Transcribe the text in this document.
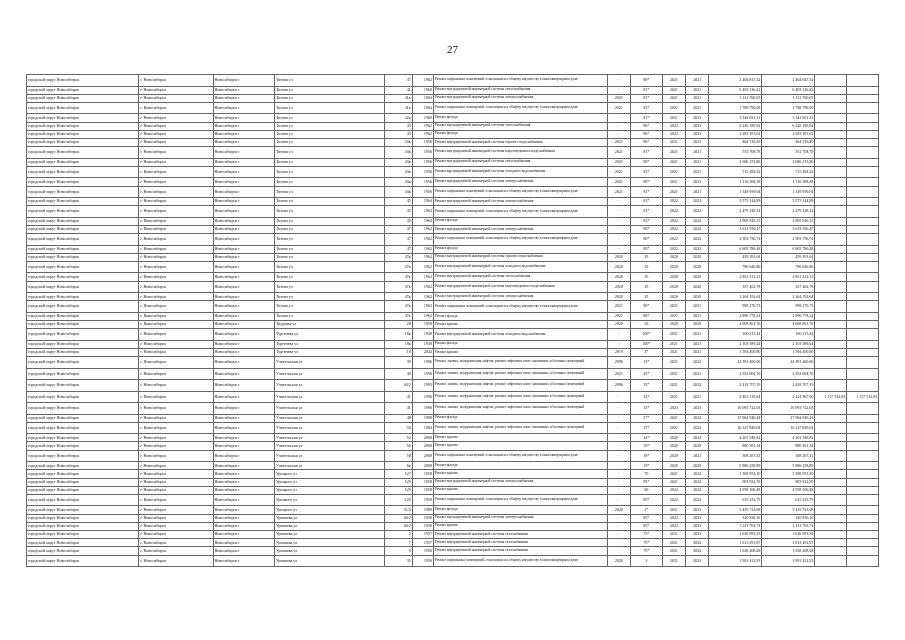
27
городской округ Новосибирск	г. Новосибирск	Новосибирск г	Титова ул	37	1962	Ремонт подвальных помещений, относящихся к общему имуществу в многоквартирном доме	-	80*	2021	2021	2 464 847,32	2 464 847,32		
городской округ Новосибирск	г. Новосибирск	Новосибирск г	Титова ул	41	1960	Ремонт внутридомовой инженерной системы теплоснабжения	-	81*	2021	2021	6 403 126,22	6 403 126,22		
городской округ Новосибирск	г. Новосибирск	Новосибирск г	Титова ул	41к	1964	Ремонт внутридомовой инженерной системы электроснабжения	2021	81*	2021	2021	1 121 760,65	1 121 760,65		
городской округ Новосибирск	г. Новосибирск	Новосибирск г	Титова ул	41к	1964	Ремонт подвальных помещений, относящихся к общему имуществу в многоквартирном доме	2021	81*	2021	2021	1 788 796,09	1 788 796,09		
городской округ Новосибирск	г. Новосибирск	Новосибирск г	Титова ул	42к	1960	Ремонт фасада	-	81*	2021	2021	3 342 651,31	3 342 651,31		
городской округ Новосибирск	г. Новосибирск	Новосибирск г	Титова ул	43	1962	Ремонт внутридомовой инженерной системы теплоснабжения	-	86*	2022	2022	6 226 189,92	6 226 189,92		
городской округ Новосибирск	г. Новосибирск	Новосибирск г	Титова ул	43	1962	Ремонт фасада	-	86*	2022	2022	2 283 391,62	2 283 391,62		
городской округ Новосибирск	г. Новосибирск	Новосибирск г	Титова ул	43к	1956	Ремонт внутридомовой инженерной системы горячего водоснабжения	2021	86*	2021	2021	464 516,49	464 516,49		
городской округ Новосибирск	г. Новосибирск	Новосибирск г	Титова ул	43к	1956	Ремонт внутридомовой инженерной системы водоотведения и водоснабжения	2021	81*	2021	2021	551 708,78	551 708,78		
городской округ Новосибирск	г. Новосибирск	Новосибирск г	Титова ул	43к	1956	Ремонт внутридомовой инженерной системы теплоснабжения	2021	80*	2021	2021	2 686 153,86	2 686 153,86		
городской округ Новосибирск	г. Новосибирск	Новосибирск г	Титова ул	43к	1956	Ремонт внутридомовой инженерной системы холодного водоснабжения	2021	81*	2021	2021	715 494,32	715 494,32		
городской округ Новосибирск	г. Новосибирск	Новосибирск г	Титова ул	43к	1956	Ремонт внутридомовой инженерной системы электроснабжения	2021	80*	2021	2021	1 116 508,38	1 116 508,38		
городской округ Новосибирск	г. Новосибирск	Новосибирск г	Титова ул	43к	1956	Ремонт подвальных помещений, относящихся к общему имуществу в многоквартирном доме	2021	81*	2021	2021	1 349 959,04	1 349 959,04		
городской округ Новосибирск	г. Новосибирск	Новосибирск г	Титова ул	45	1964	Ремонт внутридомовой инженерной системы электроснабжения	-	81*	2022	2022	3 575 144,89	3 575 144,89		
городской округ Новосибирск	г. Новосибирск	Новосибирск г	Титова ул	45	1964	Ремонт подвальных помещений, относящихся к общему имуществу в многоквартирном доме	-	81*	2022	2022	2 479 128,14	2 479 128,14		
городской округ Новосибирск	г. Новосибирск	Новосибирск г	Титова ул	45	1964	Ремонт фасада	-	81*	2022	2022	2 905 926,15	2 905 926,15		
городской округ Новосибирск	г. Новосибирск	Новосибирск г	Титова ул	47	1962	Ремонт внутридомовой инженерной системы электроснабжения	-	80*	2022	2022	3 613 556,47	3 613 556,47		
городской округ Новосибирск	г. Новосибирск	Новосибирск г	Титова ул	47	1962	Ремонт подвальных помещений, относящихся к общему имуществу в многоквартирном доме	-	80*	2022	2022	2 503 756,74	2 503 756,74		
городской округ Новосибирск	г. Новосибирск	Новосибирск г	Титова ул	47	1962	Ремонт фасада	-	80*	2022	2022	6 605 786,48	6 605 786,48		
городской округ Новосибирск	г. Новосибирск	Новосибирск г	Титова ул	47к	1962	Ремонт внутридомовой инженерной системы горячего водоснабжения	2020	35	2020	2020	459 391,64	459 391,64		
городской округ Новосибирск	г. Новосибирск	Новосибирск г	Титова ул	47к	1962	Ремонт внутридомовой инженерной системы холодного водоснабжения	2020	35	2020	2020	786 646,86	786 646,86		
городской округ Новосибирск	г. Новосибирск	Новосибирск г	Титова ул	47к	1962	Ремонт внутридомовой инженерной системы теплоснабжения	2020	35	2020	2020	2 851 312,13	2 851 312,13		
городской округ Новосибирск	г. Новосибирск	Новосибирск г	Титова ул	47к	1962	Ремонт внутридомовой инженерной системы водоотведения и водоснабжения	2020	35	2020	2020	357 462,78	357 462,78		
городской округ Новосибирск	г. Новосибирск	Новосибирск г	Титова ул	47к	1962	Ремонт внутридомовой инженерной системы электроснабжения	2020	35	2020	2020	1 264 192,64	1 264 192,64		
городской округ Новосибирск	г. Новосибирск	Новосибирск г	Титова ул	47к	1962	Ремонт подвальных помещений, относящихся к общему имуществу в многоквартирном доме	2021	80*	2021	2021	998 270,73	998 270,73		
городской округ Новосибирск	г. Новосибирск	Новосибирск г	Титова ул	47к	1962	Ремонт фасада	2021	80*	2021	2021	2 896 778,24	2 896 778,24		
городской округ Новосибирск	г. Новосибирск	Новосибирск г	Трудовая ул	28	1958	Ремонт крыши	2020	56	2020	2020	4 608 861,76	4 608 861,76		
городской округ Новосибирск	г. Новосибирск	Новосибирск г	Тургенева ул	18к	1948	Ремонт внутридомовой инженерной системы холодного водоснабжения	-	100*	2021	2021	160 215,44	160 215,44		
городской округ Новосибирск	г. Новосибирск	Новосибирск г	Тургенева ул	18к	1948	Ремонт фасада	-	100*	2021	2021	2 103 589,24	2 103 589,24		
городской округ Новосибирск	г. Новосибирск	Новосибирск г	Тургенева ул	18	2044	Ремонт крыши	2019	4*	2021	2021	1 594 400,80	1 594 400,80		
городской округ Новосибирск	г. Новосибирск	Новосибирск г	Учительская ул	39	1996	Ремонт, замена, модернизация лифтов, ремонт лифтовых шахт, машинных и блочных помещений	2996	33*	2021	2022	24 391 460,06	24 391 460,06		
городской округ Новосибирск	г. Новосибирск	Новосибирск г	Учительская ул	40	1996	Ремонт, замена, модернизация лифтов, ремонт лифтовых шахт, машинных и блочных помещений	2021	25*	2021	2021	2 554 604,76	2 554 604,76		
городской округ Новосибирск	г. Новосибирск	Новосибирск г	Учительская ул	40/2	1995	Ремонт, замена, модернизация лифтов, ремонт лифтовых шахт, машинных и блочных помещений	2996	35*	2021	2022	2 418 707,19	2 418 707,19		
городской округ Новосибирск	г. Новосибирск	Новосибирск г	Учительская ул	41	1996	Ремонт, замена, модернизация лифтов, ремонт лифтовых шахт, машинных и блочных помещений	-	32*	2021	2021	4 461 135,64	2 224 967,00	1 117 132,94	1 117 132,94
городской округ Новосибирск	г. Новосибирск	Новосибирск г	Учительская ул	41	1996	Ремонт, замена, модернизация лифтов, ремонт лифтовых шахт, машинных и блочных помещений	-	35*	2023	2023	10 091 722,03	10 091 722,03		
городской округ Новосибирск	г. Новосибирск	Новосибирск г	Учительская ул	48	1990	Ремонт фасада	-	57*	2021	2022	27 964 940,44	27 964 940,44		
городской округ Новосибирск	г. Новосибирск	Новосибирск г	Учительская ул	50	1984	Ремонт, замена, модернизация лифтов, ремонт лифтовых шахт, машинных и блочных помещений	-	37*	2021	2022	16 127 849,04	16 127 849,04		
городской округ Новосибирск	г. Новосибирск	Новосибирск г	Учительская ул	52	2000	Ремонт крыши	-	24*	2020	2024	4 201 548,82	4 201 548,82		
городской округ Новосибирск	г. Новосибирск	Новосибирск г	Учительская ул	56	2000	Ремонт крыши	-	19*	2020	2020	880 391,34	880 391,34		
городской округ Новосибирск	г. Новосибирск	Новосибирск г	Учительская ул	58	2000	Ремонт подвальных помещений, относящихся к общему имуществу в многоквартирном доме	-	18*	2020	2021	308 267,41	308 267,41		
городской округ Новосибирск	г. Новосибирск	Новосибирск г	Учительская ул	6к	2000	Ремонт фасада	-	19*	2020	2020	5 886 258,89	5 886 258,89		
городской округ Новосибирск	г. Новосибирск	Новосибирск г	Урицкого ул	127	1958	Ремонт крыши	-	70	2021	2022	3 308 953,10	3 308 953,10		
городской округ Новосибирск	г. Новосибирск	Новосибирск г	Урицкого ул	129	1958	Ремонт внутридомовой инженерной системы электроснабжения	-	85*	2021	2022	903 922,59	903 922,59		
городской округ Новосибирск	г. Новосибирск	Новосибирск г	Урицкого ул	129	1958	Ремонт крыши	-	60	2022	2022	4 958 106,48	4 958 106,48		
городской округ Новосибирск	г. Новосибирск	Новосибирск г	Урицкого ул	129	1958	Ремонт подвальных помещений, относящихся к общему имуществу в многоквартирном доме	-	85*	2022	2022	615 233,79	615 233,79		
городской округ Новосибирск	г. Новосибирск	Новосибирск г	Урицкого ул	31/3	1989	Ремонт фасада	2020	2*	2021	2021	5 419 723,68	5 419 723,68		
городской округ Новосибирск	г. Новосибирск	Новосибирск г	Урманова ул	40/2	1958	Ремонт внутридомовой инженерной системы электроснабжения	-	85*	2022	2022	320 836,16	320 836,16		
городской округ Новосибирск	г. Новосибирск	Новосибирск г	Урманова ул	40/2	1958	Ремонт крыши	-	85*	2022	2022	1 411 763,74	1 411 763,74		
городской округ Новосибирск	г. Новосибирск	Новосибирск г	Урманова ул	5	1957	Ремонт внутридомовой инженерной системы газоснабжения	-	75*	2021	2022	1 636 993,33	1 636 993,33		
городской округ Новосибирск	г. Новосибирск	Новосибирск г	Урманова ул	7	1957	Ремонт внутридомовой инженерной системы газоснабжения	-	75*	2021	2022	1 613 291,87	1 613 291,87		
городской округ Новосибирск	г. Новосибирск	Новосибирск г	Урманова ул	9	1956	Ремонт внутридомовой инженерной системы газоснабжения	-	75*	2021	2022	1 638 208,28	1 638 208,28		
городской округ Новосибирск	г. Новосибирск	Новосибирск г	Урманова ул	35	1956	Ремонт подвальных помещений, относящихся к общему имуществу в многоквартирном доме	2020	3	2021	2021	1 991 412,93	1 991 412,93		
